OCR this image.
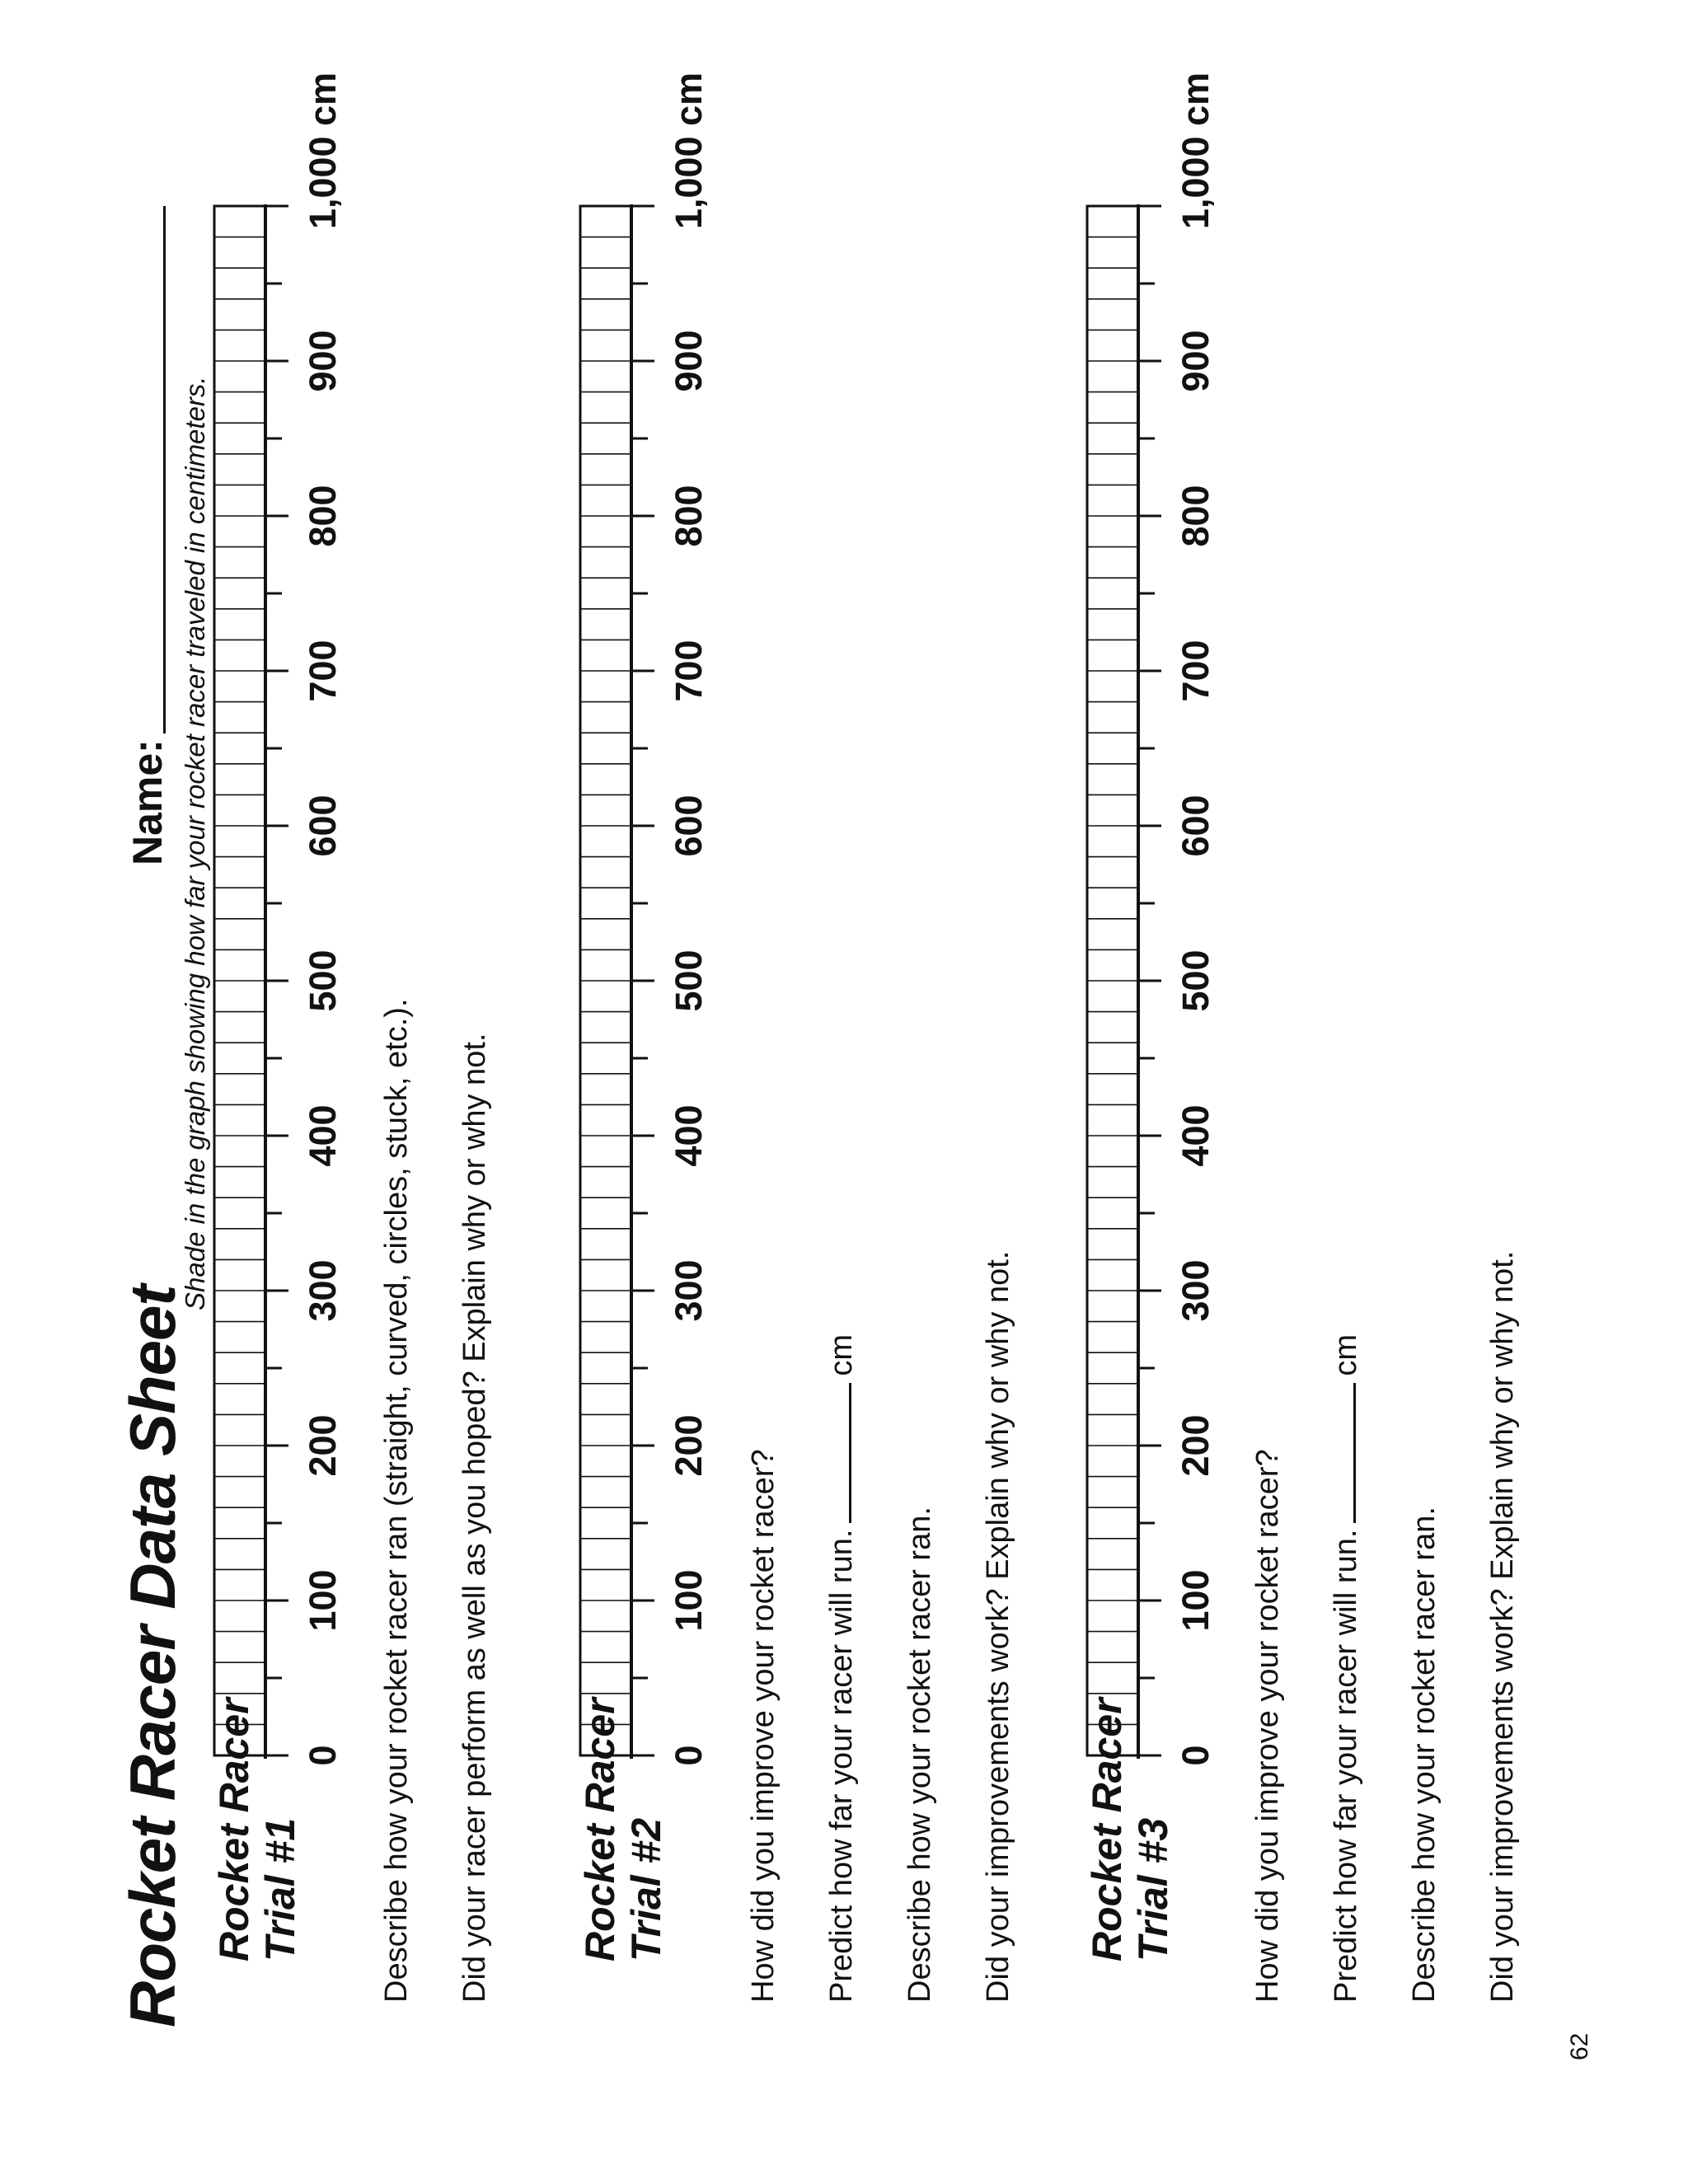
Rocket Racer Data Sheet
Name: Shade in the graph showing how far your rocket racer traveled in centimeters.
Rocket Racer Trial #1 Describe how your rocket racer ran (straight, curved, circles, stuck, etc.). Did your racer perform as well as you hoped? Explain why or why not. Rocket Racer Trial #2 How did you improve your rocket racer? Predict how far your racer will run.cm
Describe how your rocket racer ran. Did your improvements work? Explain why or why not. Rocket Racer Trial #3 How did you improve your rocket racer? Predict how far your racer will run.cm
Describe how your rocket racer ran. Did your improvements work? Explain why or why not.
62
0
100
200
300
400
500
600
700
800
900
1,000 cm
0
100
200
300
400
500
600
700
800
900
1,000 cm
0
100
200
300
400
500
600
700
800
900
1,000 cm
